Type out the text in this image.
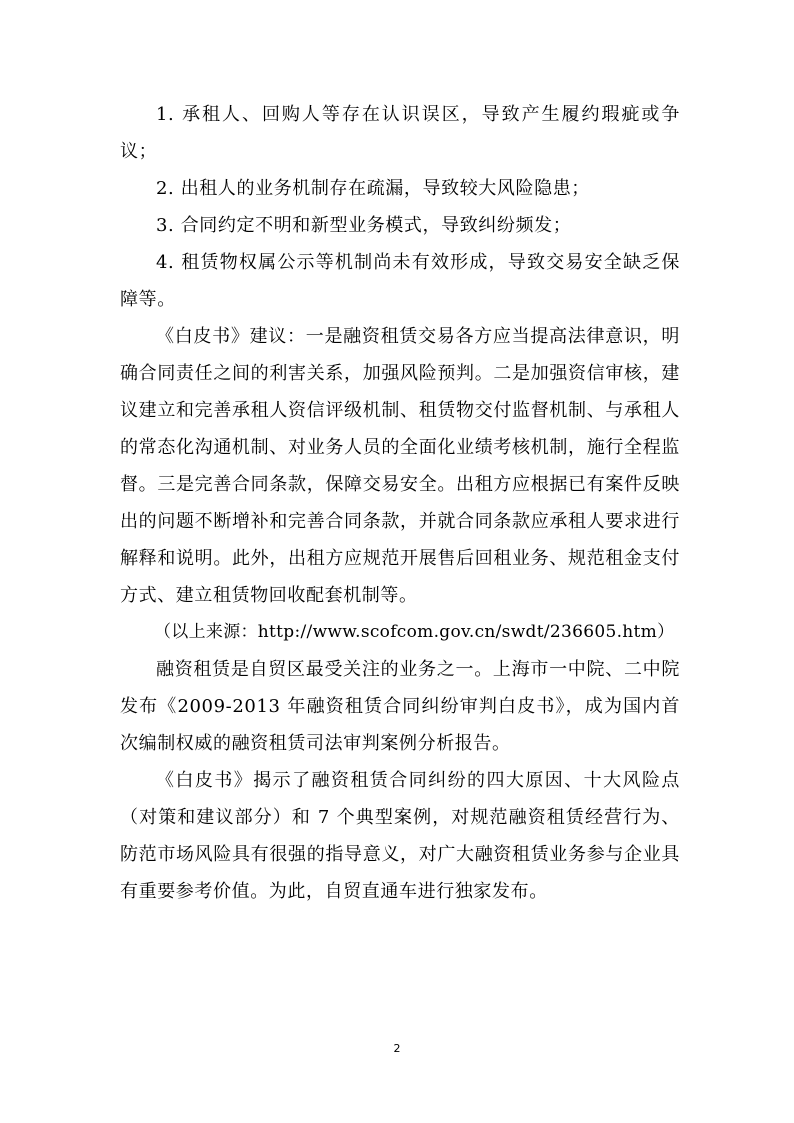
1. 承租人、回购人等存在认识误区，导致产生履约瑕疵或争议；

2. 出租人的业务机制存在疏漏，导致较大风险隐患；

3. 合同约定不明和新型业务模式，导致纠纷频发；

4. 租赁物权属公示等机制尚未有效形成，导致交易安全缺乏保障等。

《白皮书》建议：一是融资租赁交易各方应当提高法律意识，明确合同责任之间的利害关系，加强风险预判。二是加强资信审核，建议建立和完善承租人资信评级机制、租赁物交付监督机制、与承租人的常态化沟通机制、对业务人员的全面化业绩考核机制，施行全程监督。三是完善合同条款，保障交易安全。出租方应根据已有案件反映出的问题不断增补和完善合同条款，并就合同条款应承租人要求进行解释和说明。此外，出租方应规范开展售后回租业务、规范租金支付方式、建立租赁物回收配套机制等。

（以上来源：http://www.scofcom.gov.cn/swdt/236605.htm）

融资租赁是自贸区最受关注的业务之一。上海市一中院、二中院发布《2009-2013 年融资租赁合同纠纷审判白皮书》，成为国内首次编制权威的融资租赁司法审判案例分析报告。

《白皮书》揭示了融资租赁合同纠纷的四大原因、十大风险点（对策和建议部分）和 7 个典型案例，对规范融资租赁经营行为、防范市场风险具有很强的指导意义，对广大融资租赁业务参与企业具有重要参考价值。为此，自贸直通车进行独家发布。

2
